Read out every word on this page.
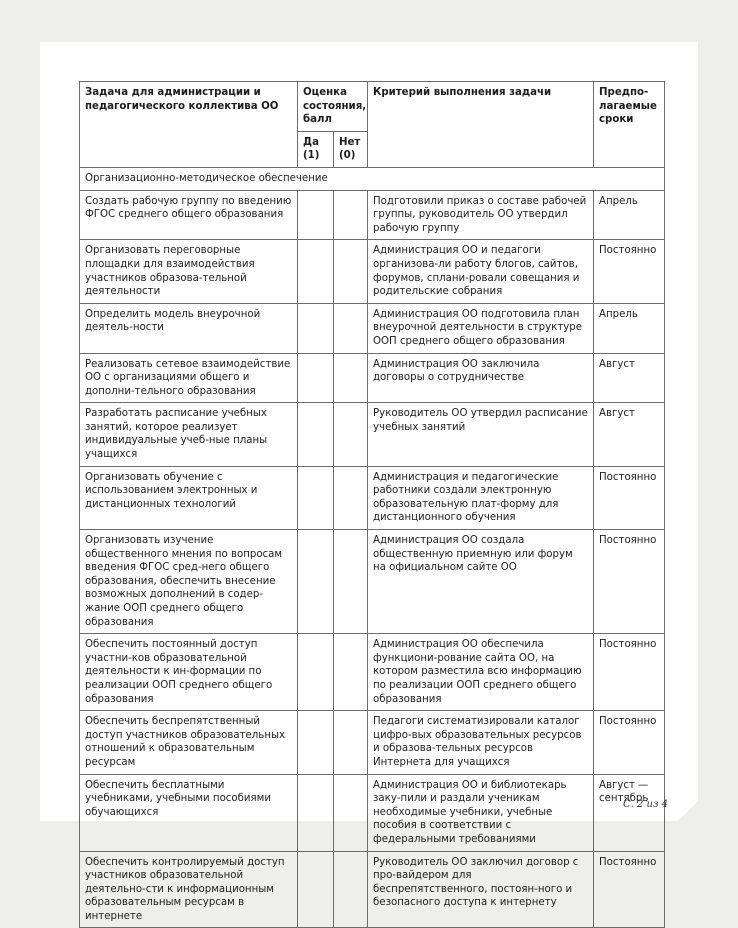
Задача для администрации и педагогического коллектива ОО	Оценка состояния, балл		Критерий выполнения задачи	Предпо-лагаемые сроки
	Да (1)	Нет (0)		
Организационно-методическое обеспечение				
Создать рабочую группу по введению ФГОС среднего общего образования			Подготовили приказ о составе рабочей группы, руководитель ОО утвердил рабочую группу	Апрель
Организовать переговорные площадки для взаимодействия участников образова-тельной деятельности			Администрация ОО и педагоги организова-ли работу блогов, сайтов, форумов, сплани-ровали совещания и родительские собрания	Постоянно
Определить модель внеурочной деятель-ности			Администрация ОО подготовила план внеурочной деятельности в структуре ООП среднего общего образования	Апрель
Реализовать сетевое взаимодействие ОО с организациями общего и дополни-тельного образования			Администрация ОО заключила договоры о сотрудничестве	Август
Разработать расписание учебных занятий, которое реализует индивидуальные учеб-ные планы учащихся			Руководитель ОО утвердил расписание учебных занятий	Август
Организовать обучение с использованием электронных и дистанционных технологий			Администрация и педагогические работники создали электронную образовательную плат-форму для дистанционного обучения	Постоянно
Организовать изучение общественного мнения по вопросам введения ФГОС сред-него общего образования, обеспечить внесение возможных дополнений в содер-жание ООП среднего общего образования			Администрация ОО создала общественную приемную или форум на официальном сайте ОО	Постоянно
Обеспечить постоянный доступ участни-ков образовательной деятельности к ин-формации по реализации ООП среднего общего образования			Администрация ОО обеспечила функциони-рование сайта ОО, на котором разместила всю информацию по реализации ООП среднего общего образования	Постоянно
Обеспечить беспрепятственный доступ участников образовательных отношений к образовательным ресурсам			Педагоги систематизировали каталог цифро-вых образовательных ресурсов и образова-тельных ресурсов Интернета для учащихся	Постоянно
Обеспечить бесплатными учебниками, учебными пособиями обучающихся			Администрация ОО и библиотекарь заку-пили и раздали ученикам необходимые учебники, учебные пособия в соответствии с федеральными требованиями	Август — сентябрь
Обеспечить контролируемый доступ участников образовательной деятельно-сти к информационным образовательным ресурсам в интернете			Руководитель ОО заключил договор с про-вайдером для беспрепятственного, постоян-ного и безопасного доступа к интернету	Постоянно
С. 2 из 4
